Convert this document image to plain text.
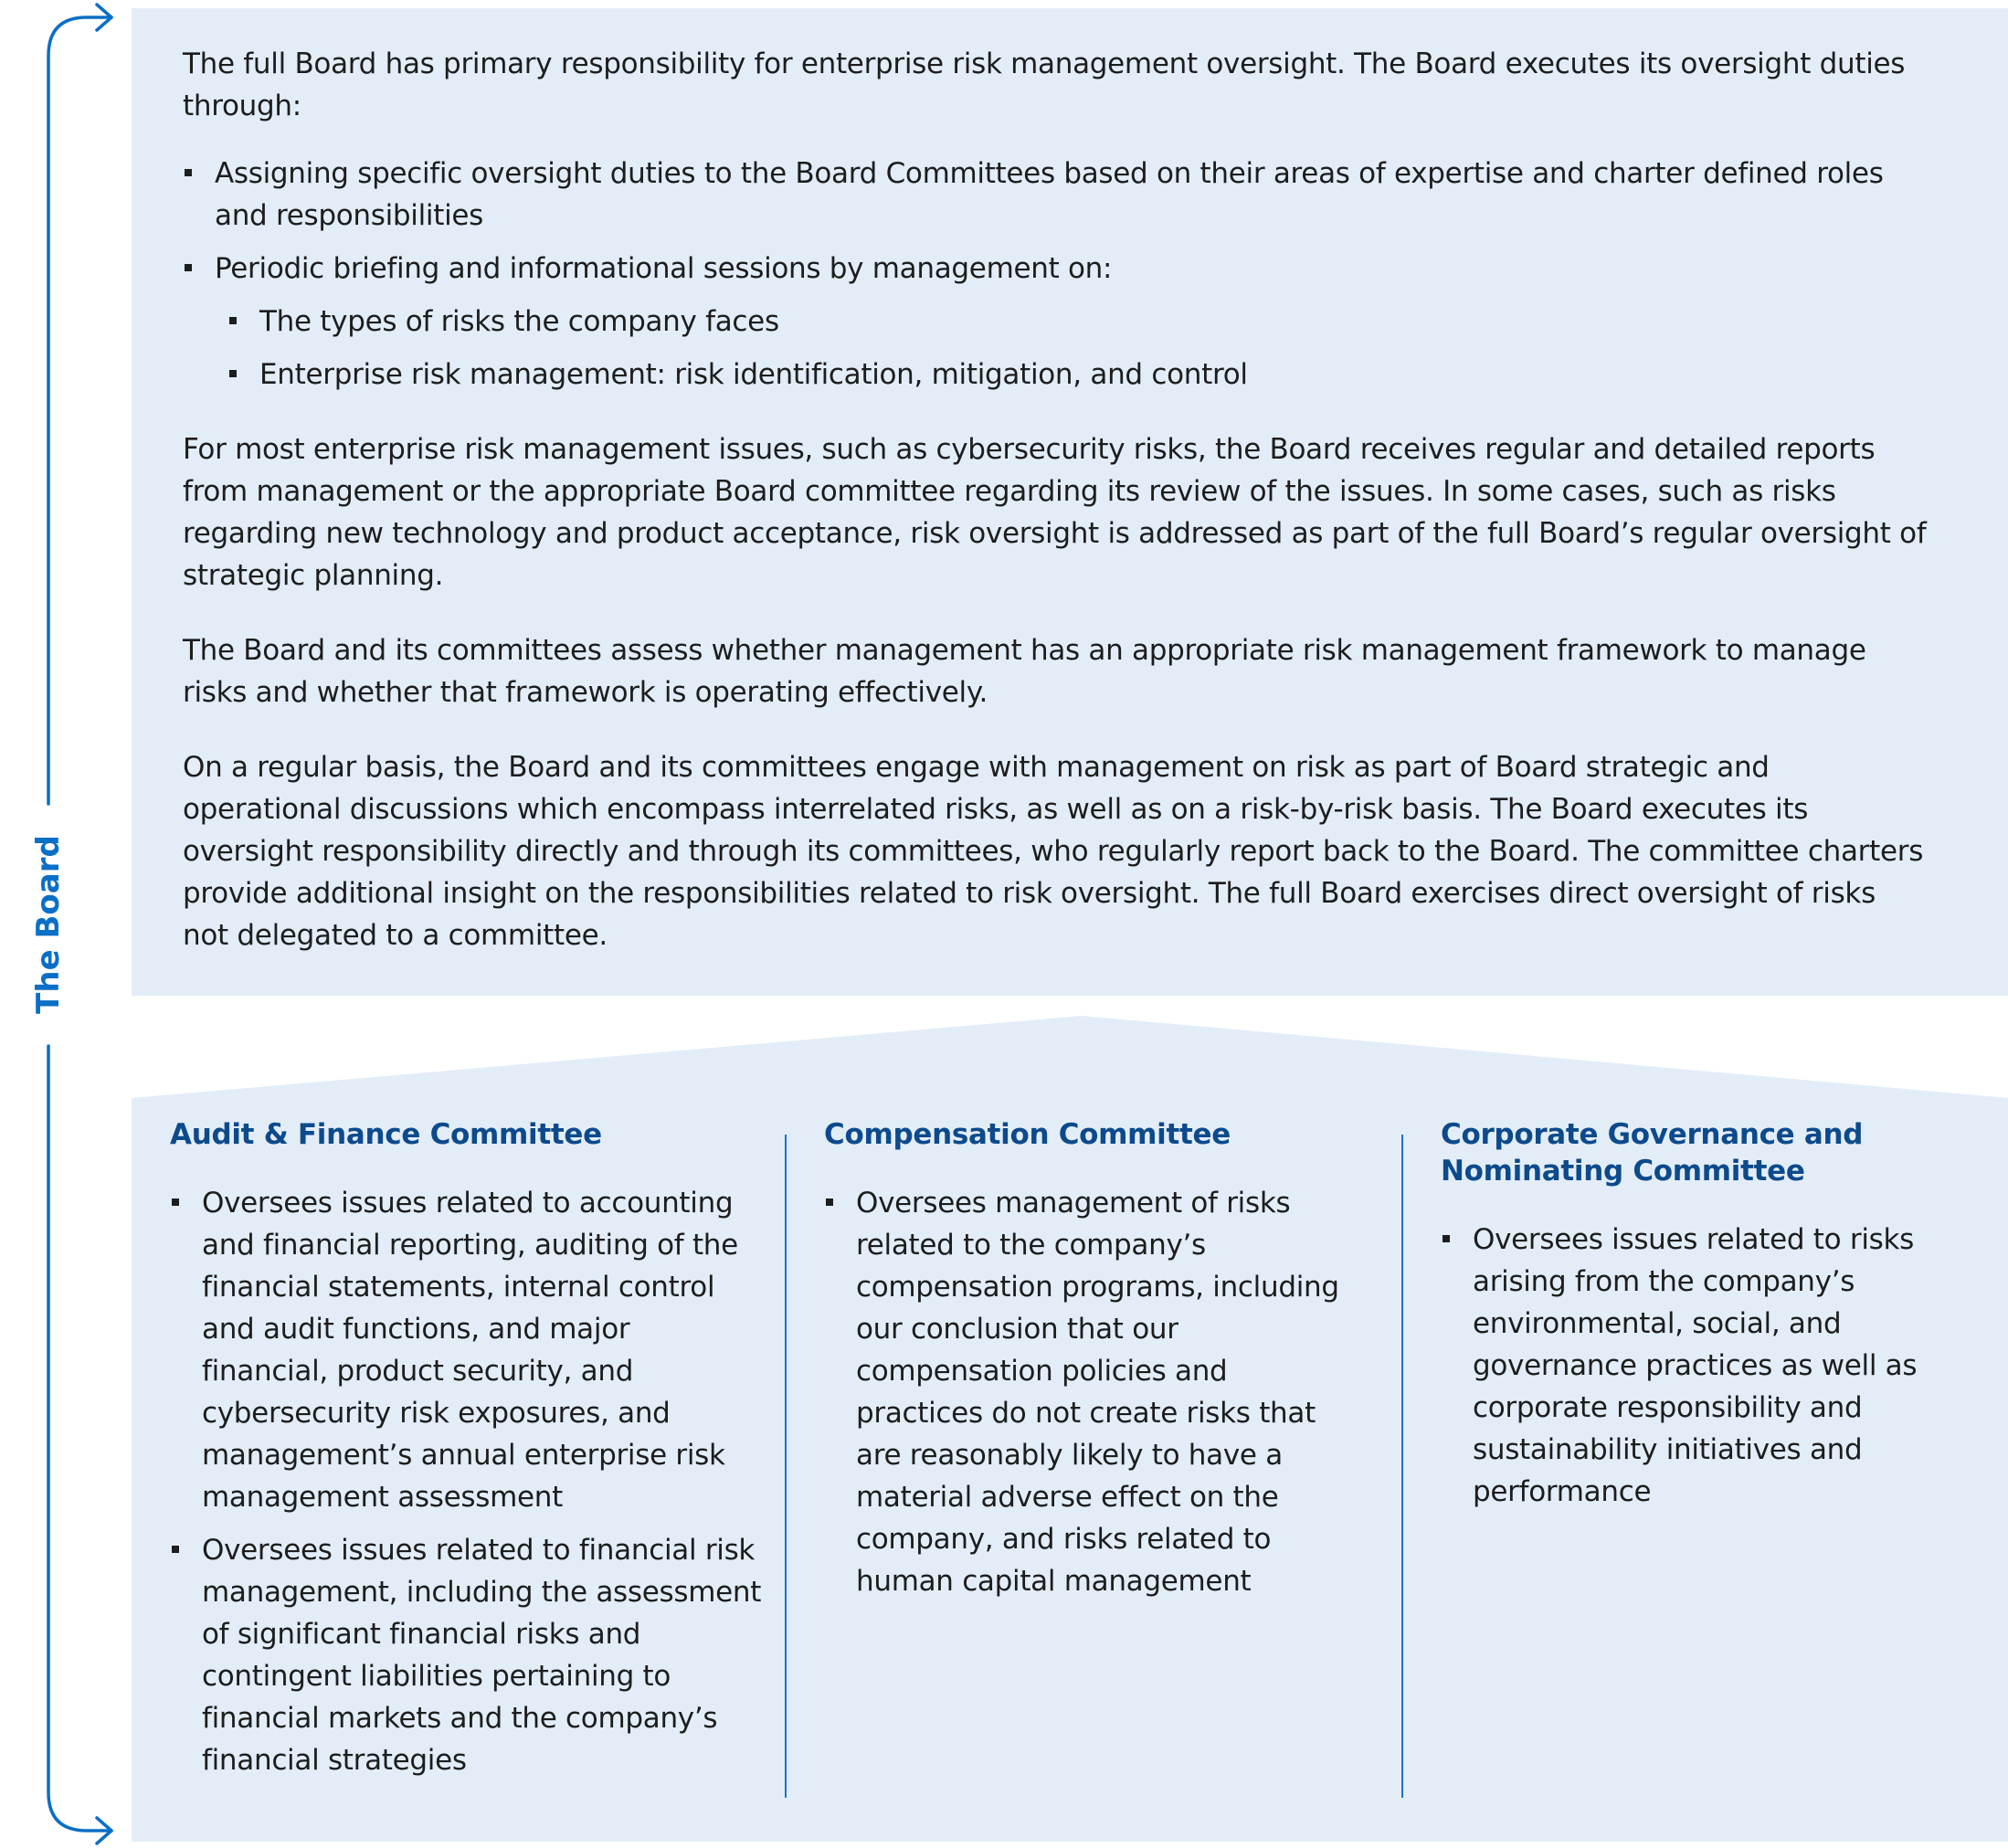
The Board

The full Board has primary responsibility for enterprise risk management oversight. The Board executes its oversight duties through:

Assigning specific oversight duties to the Board Committees based on their areas of expertise and charter defined roles and responsibilities
Periodic briefing and informational sessions by management on:
The types of risks the company faces
Enterprise risk management: risk identification, mitigation, and control

For most enterprise risk management issues, such as cybersecurity risks, the Board receives regular and detailed reports from management or the appropriate Board committee regarding its review of the issues. In some cases, such as risks regarding new technology and product acceptance, risk oversight is addressed as part of the full Board’s regular oversight of strategic planning.

The Board and its committees assess whether management has an appropriate risk management framework to manage risks and whether that framework is operating effectively.

On a regular basis, the Board and its committees engage with management on risk as part of Board strategic and operational discussions which encompass interrelated risks, as well as on a risk-by-risk basis. The Board executes its oversight responsibility directly and through its committees, who regularly report back to the Board. The committee charters provide additional insight on the responsibilities related to risk oversight. The full Board exercises direct oversight of risks not delegated to a committee.

Audit & Finance Committee
Oversees issues related to accounting and financial reporting, auditing of the financial statements, internal control and audit functions, and major financial, product security, and cybersecurity risk exposures, and management’s annual enterprise risk management assessment
Oversees issues related to financial risk management, including the assessment of significant financial risks and contingent liabilities pertaining to financial markets and the company’s financial strategies
Compensation Committee
Oversees management of risks related to the company’s compensation programs, including our conclusion that our compensation policies and practices do not create risks that are reasonably likely to have a material adverse effect on the company, and risks related to human capital management
Corporate Governance and Nominating Committee
Oversees issues related to risks arising from the company’s environmental, social, and governance practices as well as corporate responsibility and sustainability initiatives and performance
